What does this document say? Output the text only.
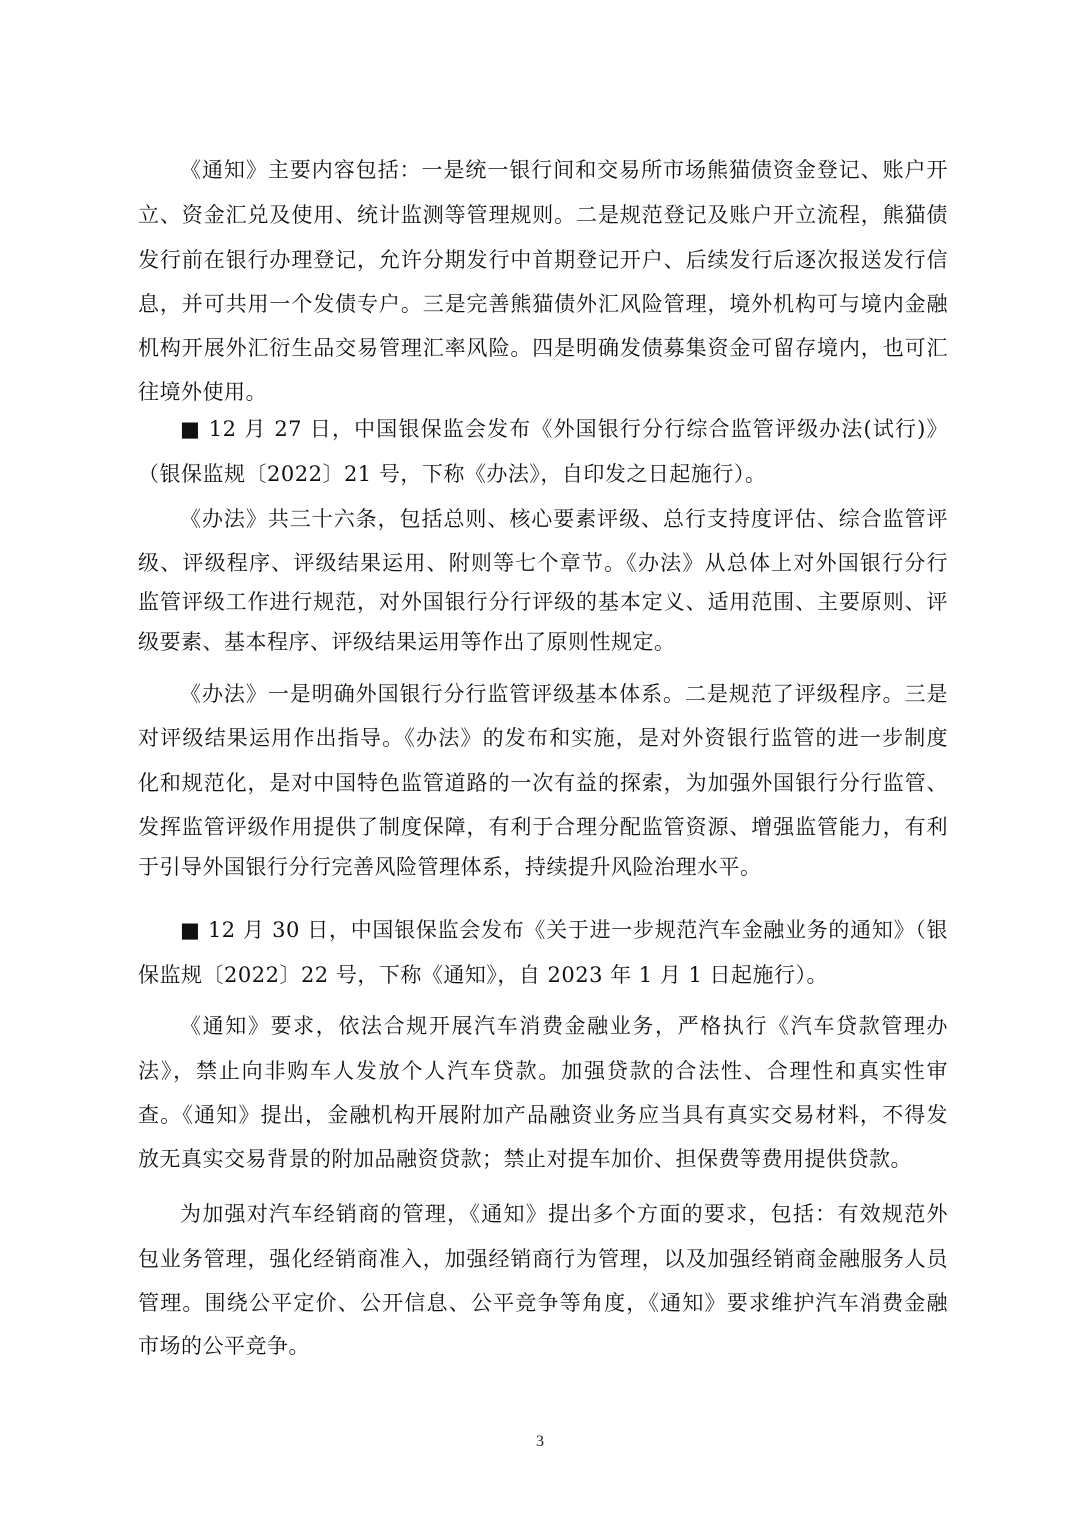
《通知》主要内容包括：一是统一银行间和交易所市场熊猫债资金登记、账户开
立、资金汇兑及使用、统计监测等管理规则。二是规范登记及账户开立流程，熊猫债
发行前在银行办理登记，允许分期发行中首期登记开户、后续发行后逐次报送发行信
息，并可共用一个发债专户。三是完善熊猫债外汇风险管理，境外机构可与境内金融
机构开展外汇衍生品交易管理汇率风险。四是明确发债募集资金可留存境内，也可汇
往境外使用。
■ 12 月 27 日，中国银保监会发布《外国银行分行综合监管评级办法(试行)》
（银保监规〔2022〕21 号，下称《办法》，自印发之日起施行）。
《办法》共三十六条，包括总则、核心要素评级、总行支持度评估、综合监管评
级、评级程序、评级结果运用、附则等七个章节。《办法》从总体上对外国银行分行
监管评级工作进行规范，对外国银行分行评级的基本定义、适用范围、主要原则、评
级要素、基本程序、评级结果运用等作出了原则性规定。
《办法》一是明确外国银行分行监管评级基本体系。二是规范了评级程序。三是
对评级结果运用作出指导。《办法》的发布和实施，是对外资银行监管的进一步制度
化和规范化，是对中国特色监管道路的一次有益的探索，为加强外国银行分行监管、
发挥监管评级作用提供了制度保障，有利于合理分配监管资源、增强监管能力，有利
于引导外国银行分行完善风险管理体系，持续提升风险治理水平。
■ 12 月 30 日，中国银保监会发布《关于进一步规范汽车金融业务的通知》（银
保监规〔2022〕22 号，下称《通知》，自 2023 年 1 月 1 日起施行）。
《通知》要求，依法合规开展汽车消费金融业务，严格执行《汽车贷款管理办
法》，禁止向非购车人发放个人汽车贷款。加强贷款的合法性、合理性和真实性审
查。《通知》提出，金融机构开展附加产品融资业务应当具有真实交易材料，不得发
放无真实交易背景的附加品融资贷款；禁止对提车加价、担保费等费用提供贷款。
为加强对汽车经销商的管理，《通知》提出多个方面的要求，包括：有效规范外
包业务管理，强化经销商准入，加强经销商行为管理，以及加强经销商金融服务人员
管理。围绕公平定价、公开信息、公平竞争等角度，《通知》要求维护汽车消费金融
市场的公平竞争。
3
